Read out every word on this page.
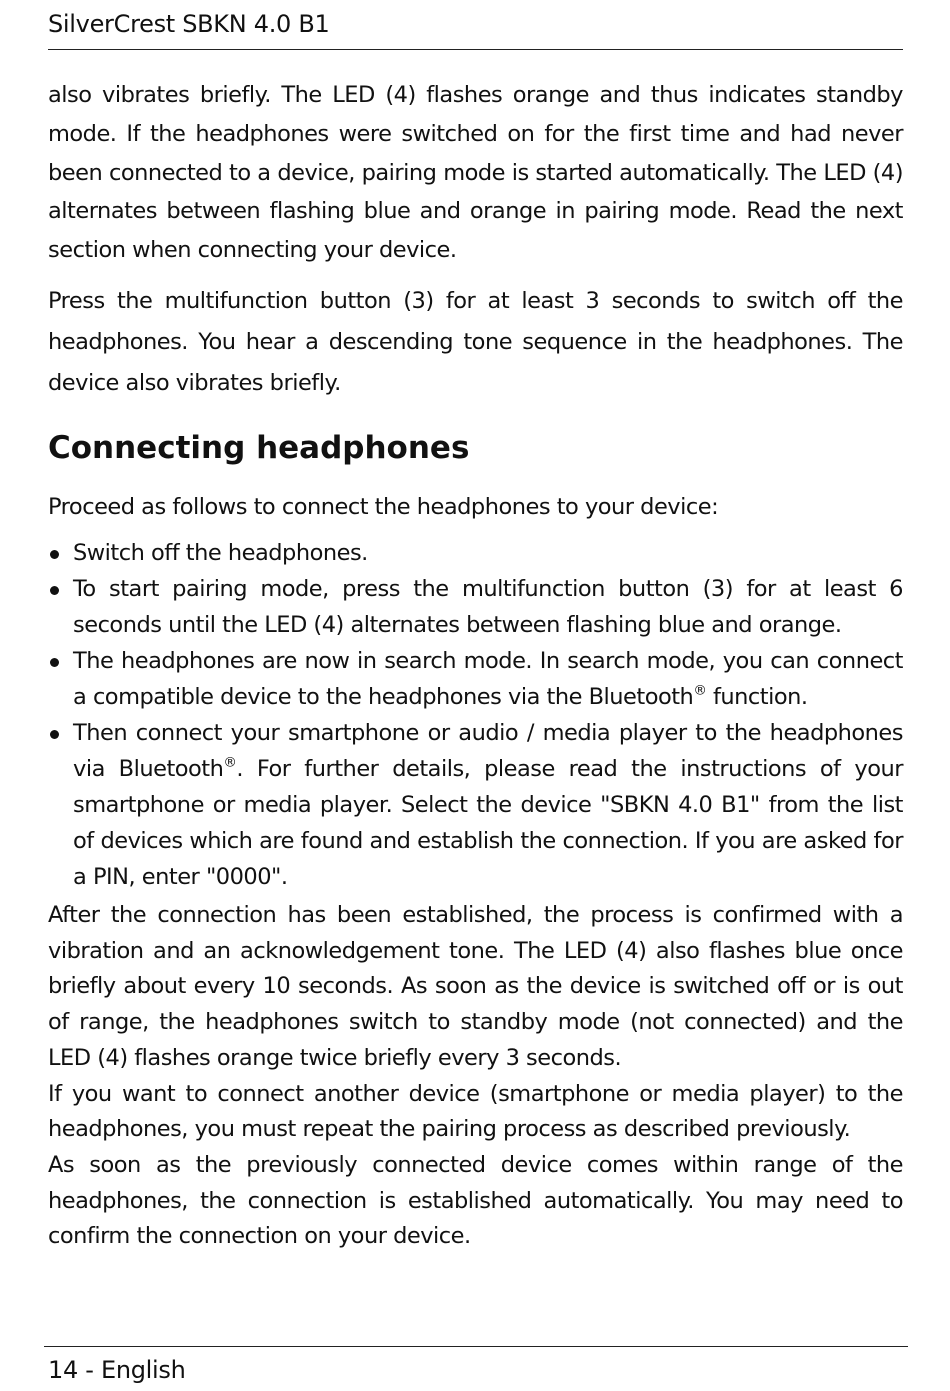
SilverCrest SBKN 4.0 B1

also vibrates briefly. The LED (4) flashes orange and thus indicates standby mode. If the headphones were switched on for the first time and had never been connected to a device, pairing mode is started automatically. The LED (4) alternates between flashing blue and orange in pairing mode. Read the next section when connecting your device.

Press the multifunction button (3) for at least 3 seconds to switch off the headphones. You hear a descending tone sequence in the headphones. The device also vibrates briefly.

Connecting headphones

Proceed as follows to connect the headphones to your device:

Switch off the headphones.
To start pairing mode, press the multifunction button (3) for at least 6 seconds until the LED (4) alternates between flashing blue and orange.
The headphones are now in search mode. In search mode, you can connect a compatible device to the headphones via the Bluetooth® function.
Then connect your smartphone or audio / media player to the headphones via Bluetooth®. For further details, please read the instructions of your smartphone or media player. Select the device "SBKN 4.0 B1" from the list of devices which are found and establish the connection. If you are asked for a PIN, enter "0000".

After the connection has been established, the process is confirmed with a vibration and an acknowledgement tone. The LED (4) also flashes blue once briefly about every 10 seconds. As soon as the device is switched off or is out of range, the headphones switch to standby mode (not connected) and the LED (4) flashes orange twice briefly every 3 seconds.

If you want to connect another device (smartphone or media player) to the headphones, you must repeat the pairing process as described previously.

As soon as the previously connected device comes within range of the headphones, the connection is established automatically. You may need to confirm the connection on your device.

14 - English
